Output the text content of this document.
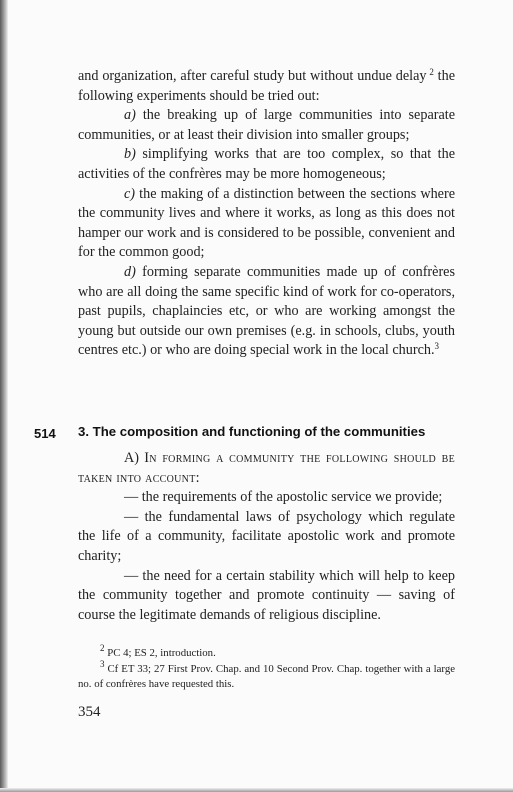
and organization, after careful study but without undue delay  $^2$ the following experiments should be tried out:

a) the breaking up of large communities into separate communities, or at least their division into smaller groups;

b) simplifying works that are too complex, so that the activities of the confrères may be more homogeneous;

c) the making of a distinction between the sections where the community lives and where it works, as long as this does not hamper our work and is considered to be possible, convenient and for the common good;

d) forming separate communities made up of confrères who are all doing the same specific kind of work for co-operators, past pupils, chaplaincies etc, or who are working amongst the young but outside our own premises (e.g. in schools, clubs, youth centres etc.) or who are doing special work in the local church.$^3$

514 3. The composition and functioning of the communities

A) In forming a community the following should be taken into account:

— the requirements of the apostolic service we provide;

— the fundamental laws of psychology which regulate the life of a community, facilitate apostolic work and promote charity;

— the need for a certain stability which will help to keep the community together and promote continuity — saving of course the legitimate demands of religious discipline.

$^2$ PC 4; ES 2, introduction.

$^3$ Cf ET 33; 27 First Prov. Chap. and 10 Second Prov. Chap. together with a large no. of confrères have requested this.

354
